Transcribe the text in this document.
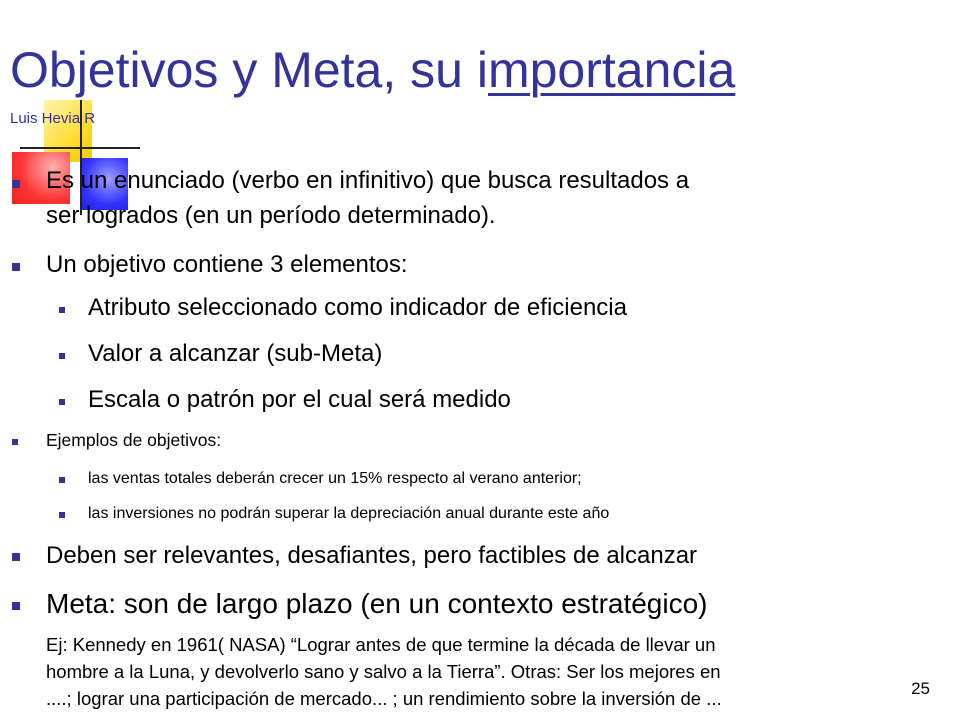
Objetivos y Meta, su importancia
Luis Hevia R
Es un enunciado (verbo en infinitivo) que busca resultados a
ser logrados (en un período determinado).
Un objetivo contiene 3 elementos:
Atributo seleccionado como indicador de eficiencia
Valor a alcanzar (sub-Meta)
Escala o patrón por el cual será medido
Ejemplos de objetivos:
las ventas totales deberán crecer un 15% respecto al verano anterior;
las inversiones no podrán superar la depreciación anual durante este año
Deben ser relevantes, desafiantes, pero factibles de alcanzar
Meta: son de largo plazo (en un contexto estratégico)
Ej: Kennedy en 1961( NASA) “Lograr antes de que termine la década de llevar un
hombre a la Luna, y devolverlo sano y salvo a la Tierra”. Otras: Ser los mejores en
....; lograr una participación de mercado... ; un rendimiento sobre la inversión de ...	25
